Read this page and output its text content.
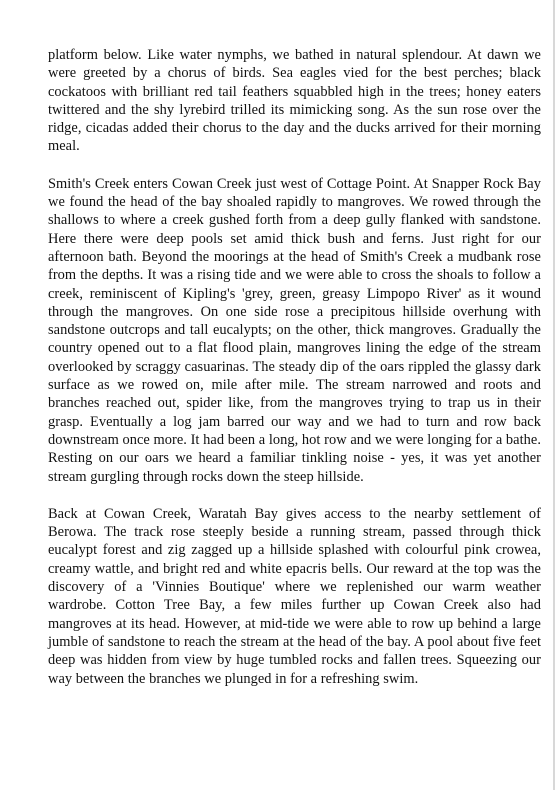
platform below. Like water nymphs, we bathed in natural splendour. At dawn we were greeted by a chorus of birds. Sea eagles vied for the best perches; black cockatoos with brilliant red tail feathers squabbled high in the trees; honey eaters twittered and the shy lyrebird trilled its mimicking song. As the sun rose over the ridge, cicadas added their chorus to the day and the ducks arrived for their morning meal.

Smith's Creek enters Cowan Creek just west of Cottage Point. At Snapper Rock Bay we found the head of the bay shoaled rapidly to mangroves. We rowed through the shallows to where a creek gushed forth from a deep gully flanked with sandstone. Here there were deep pools set amid thick bush and ferns. Just right for our afternoon bath. Beyond the moorings at the head of Smith's Creek a mudbank rose from the depths. It was a rising tide and we were able to cross the shoals to follow a creek, reminiscent of Kipling's 'grey, green, greasy Limpopo River' as it wound through the mangroves. On one side rose a precipitous hillside overhung with sandstone outcrops and tall eucalypts; on the other, thick mangroves. Gradually the country opened out to a flat flood plain, mangroves lining the edge of the stream overlooked by scraggy casuarinas. The steady dip of the oars rippled the glassy dark surface as we rowed on, mile after mile. The stream narrowed and roots and branches reached out, spider like, from the mangroves trying to trap us in their grasp. Eventually a log jam barred our way and we had to turn and row back downstream once more. It had been a long, hot row and we were longing for a bathe. Resting on our oars we heard a familiar tinkling noise - yes, it was yet another stream gurgling through rocks down the steep hillside.

Back at Cowan Creek, Waratah Bay gives access to the nearby settlement of Berowa. The track rose steeply beside a running stream, passed through thick eucalypt forest and zig zagged up a hillside splashed with colourful pink crowea, creamy wattle, and bright red and white epacris bells. Our reward at the top was the discovery of a 'Vinnies Boutique' where we replenished our warm weather wardrobe. Cotton Tree Bay, a few miles further up Cowan Creek also had mangroves at its head. However, at mid-tide we were able to row up behind a large jumble of sandstone to reach the stream at the head of the bay. A pool about five feet deep was hidden from view by huge tumbled rocks and fallen trees. Squeezing our way between the branches we plunged in for a refreshing swim.
